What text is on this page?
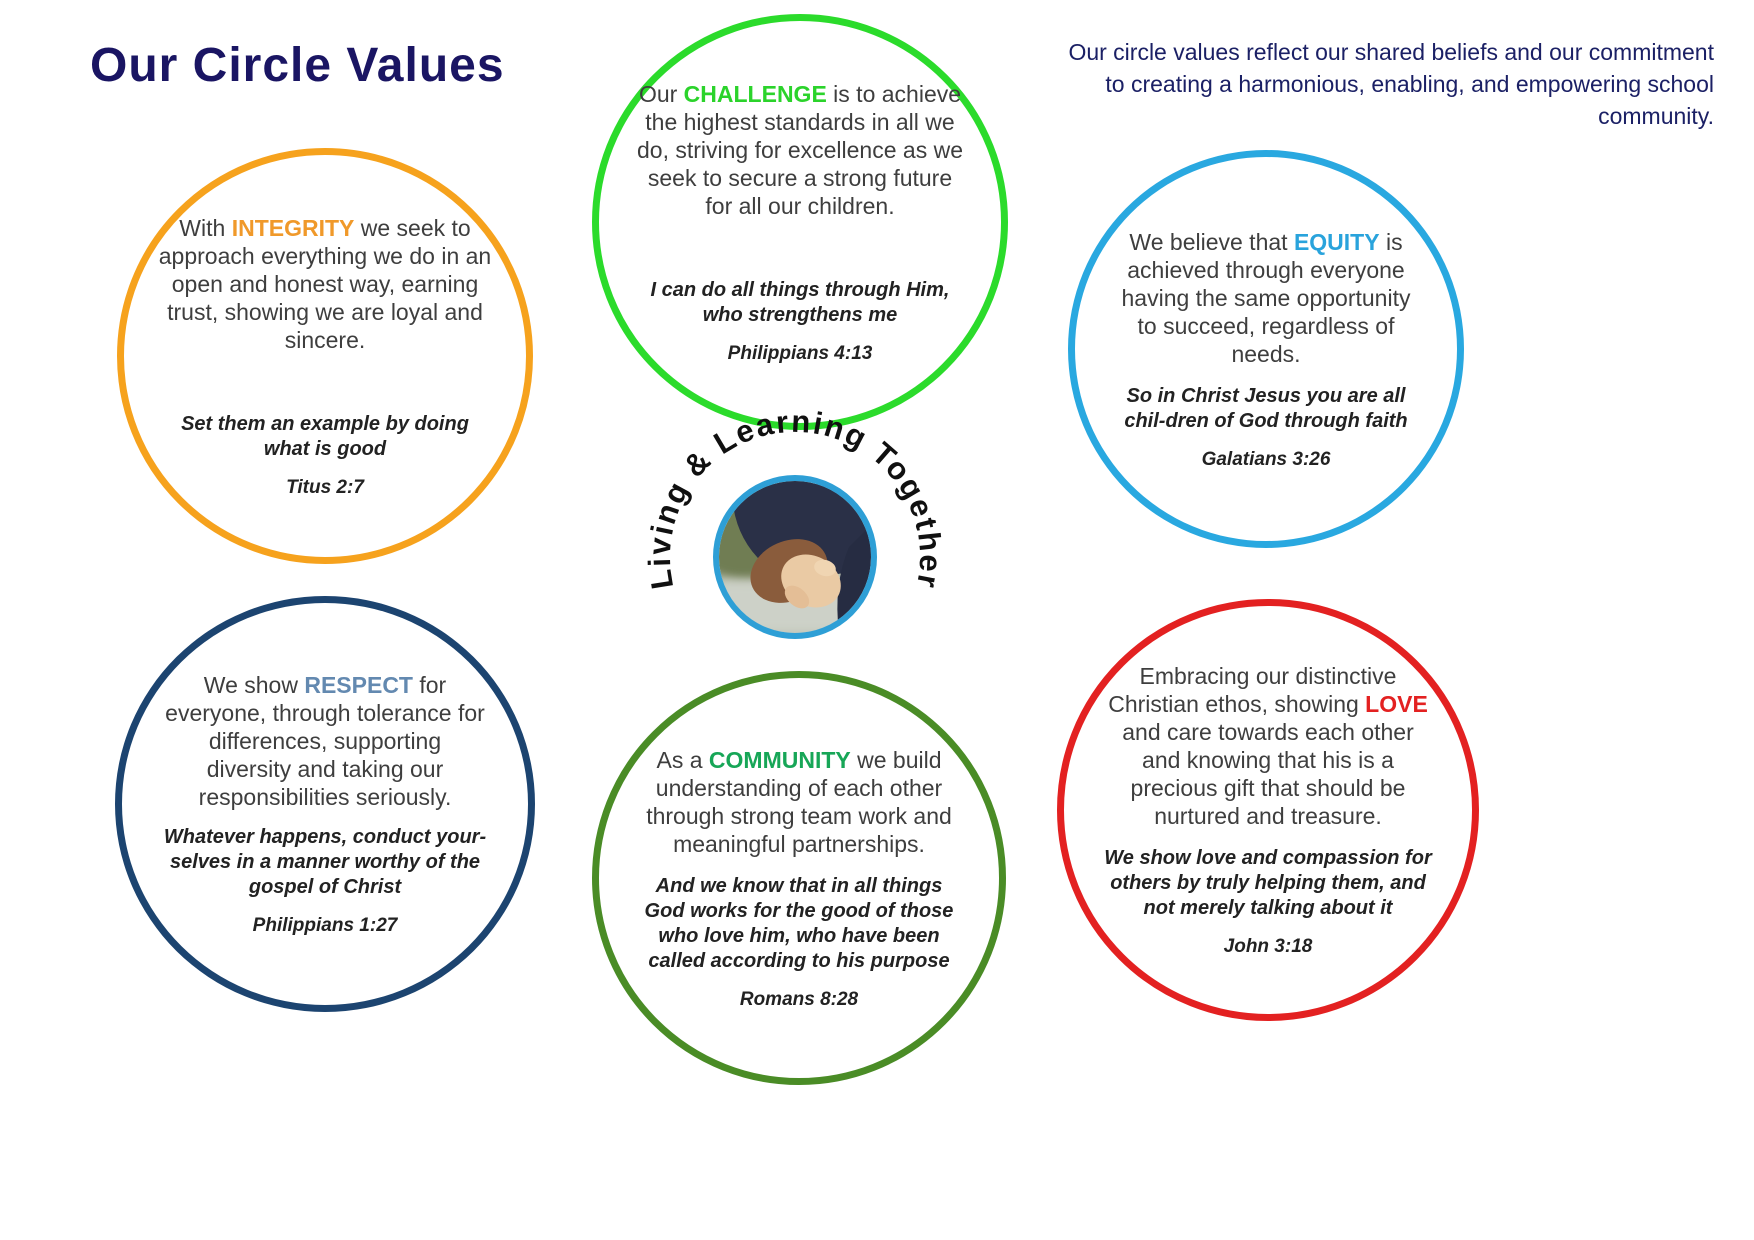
Our Circle Values	Our circle values reflect our shared beliefs and our commitment to creating a harmonious, enabling, and empowering school community.

With INTEGRITY we seek to approach everything we do in an open and honest way, earning trust, showing we are loyal and sincere.

Set them an example by doing what is good

Titus 2:7

Our CHALLENGE is to achieve the highest standards in all we do, striving for excellence as we seek to secure a strong future for all our children.

I can do all things through Him, who strengthens me

Philippians 4:13

We believe that EQUITY is achieved through everyone having the same opportunity to succeed, regardless of needs.

So in Christ Jesus you are all chil-dren of God through faith

Galatians 3:26

We show RESPECT for everyone, through tolerance for differences, supporting diversity and taking our responsibilities seriously.

Whatever happens, conduct your-selves in a manner worthy of the gospel of Christ

Philippians 1:27

As a COMMUNITY we build understanding of each other through strong team work and meaningful partnerships.

And we know that in all things God works for the good of those who love him, who have been called according to his purpose

Romans 8:28

Embracing our distinctive Christian ethos, showing LOVE and care towards each other and knowing that his is a precious gift that should be nurtured and treasure.

We show love and compassion for others by truly helping them, and not merely talking about it

John 3:18

Living & Learning Together
